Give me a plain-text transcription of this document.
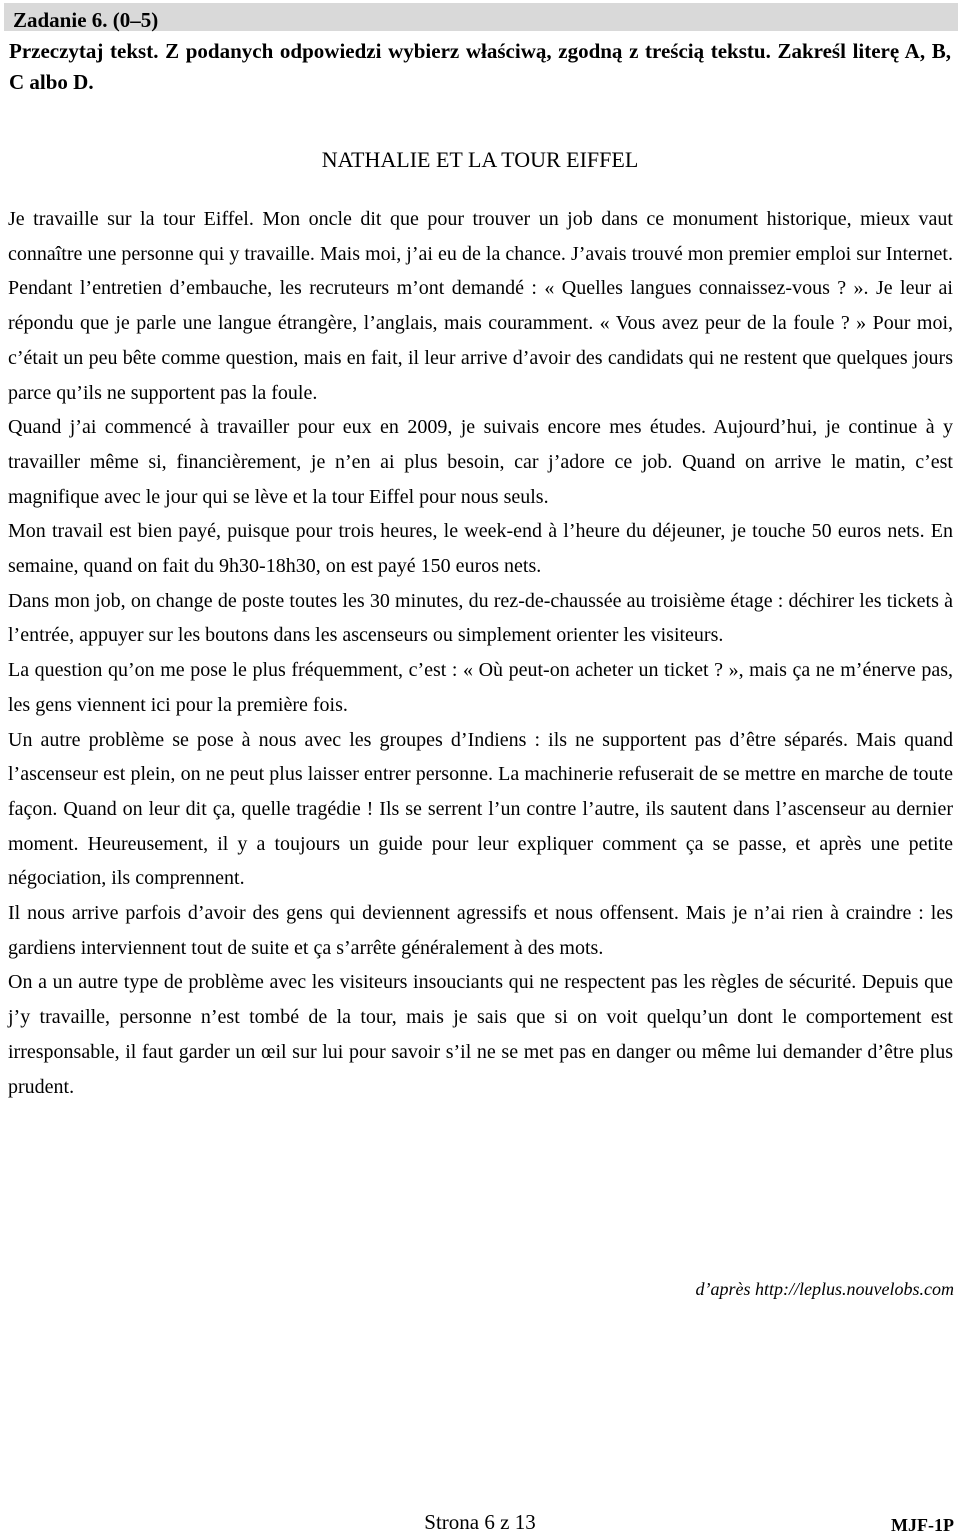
Zadanie 6. (0–5)
Przeczytaj tekst. Z podanych odpowiedzi wybierz właściwą, zgodną z treścią tekstu. Zakreśl literę A, B, C albo D.
NATHALIE ET LA TOUR EIFFEL

Je travaille sur la tour Eiffel. Mon oncle dit que pour trouver un job dans ce monument historique, mieux vaut connaître une personne qui y travaille. Mais moi, j’ai eu de la chance. J’avais trouvé mon premier emploi sur Internet. Pendant l’entretien d’embauche, les recruteurs m’ont demandé : « Quelles langues connaissez-vous ? ». Je leur ai répondu que je parle une langue étrangère, l’anglais, mais couramment. « Vous avez peur de la foule ? » Pour moi, c’était un peu bête comme question, mais en fait, il leur arrive d’avoir des candidats qui ne restent que quelques jours parce qu’ils ne supportent pas la foule.

Quand j’ai commencé à travailler pour eux en 2009, je suivais encore mes études. Aujourd’hui, je continue à y travailler même si, financièrement, je n’en ai plus besoin, car j’adore ce job. Quand on arrive le matin, c’est magnifique avec le jour qui se lève et la tour Eiffel pour nous seuls.

Mon travail est bien payé, puisque pour trois heures, le week-end à l’heure du déjeuner, je touche 50 euros nets. En semaine, quand on fait du 9h30-18h30, on est payé 150 euros nets.

Dans mon job, on change de poste toutes les 30 minutes, du rez-de-chaussée au troisième étage : déchirer les tickets à l’entrée, appuyer sur les boutons dans les ascenseurs ou simplement orienter les visiteurs.

La question qu’on me pose le plus fréquemment, c’est : « Où peut-on acheter un ticket ? », mais ça ne m’énerve pas, les gens viennent ici pour la première fois.

Un autre problème se pose à nous avec les groupes d’Indiens : ils ne supportent pas d’être séparés. Mais quand l’ascenseur est plein, on ne peut plus laisser entrer personne. La machinerie refuserait de se mettre en marche de toute façon. Quand on leur dit ça, quelle tragédie ! Ils se serrent l’un contre l’autre, ils sautent dans l’ascenseur au dernier moment. Heureusement, il y a toujours un guide pour leur expliquer comment ça se passe, et après une petite négociation, ils comprennent.

Il nous arrive parfois d’avoir des gens qui deviennent agressifs et nous offensent. Mais je n’ai rien à craindre : les gardiens interviennent tout de suite et ça s’arrête généralement à des mots.

On a un autre type de problème avec les visiteurs insouciants qui ne respectent pas les règles de sécurité. Depuis que j’y travaille, personne n’est tombé de la tour, mais je sais que si on voit quelqu’un dont le comportement est irresponsable, il faut garder un œil sur lui pour savoir s’il ne se met pas en danger ou même lui demander d’être plus prudent.

d’après http://leplus.nouvelobs.com
Strona 6 z 13	MJF-1P
